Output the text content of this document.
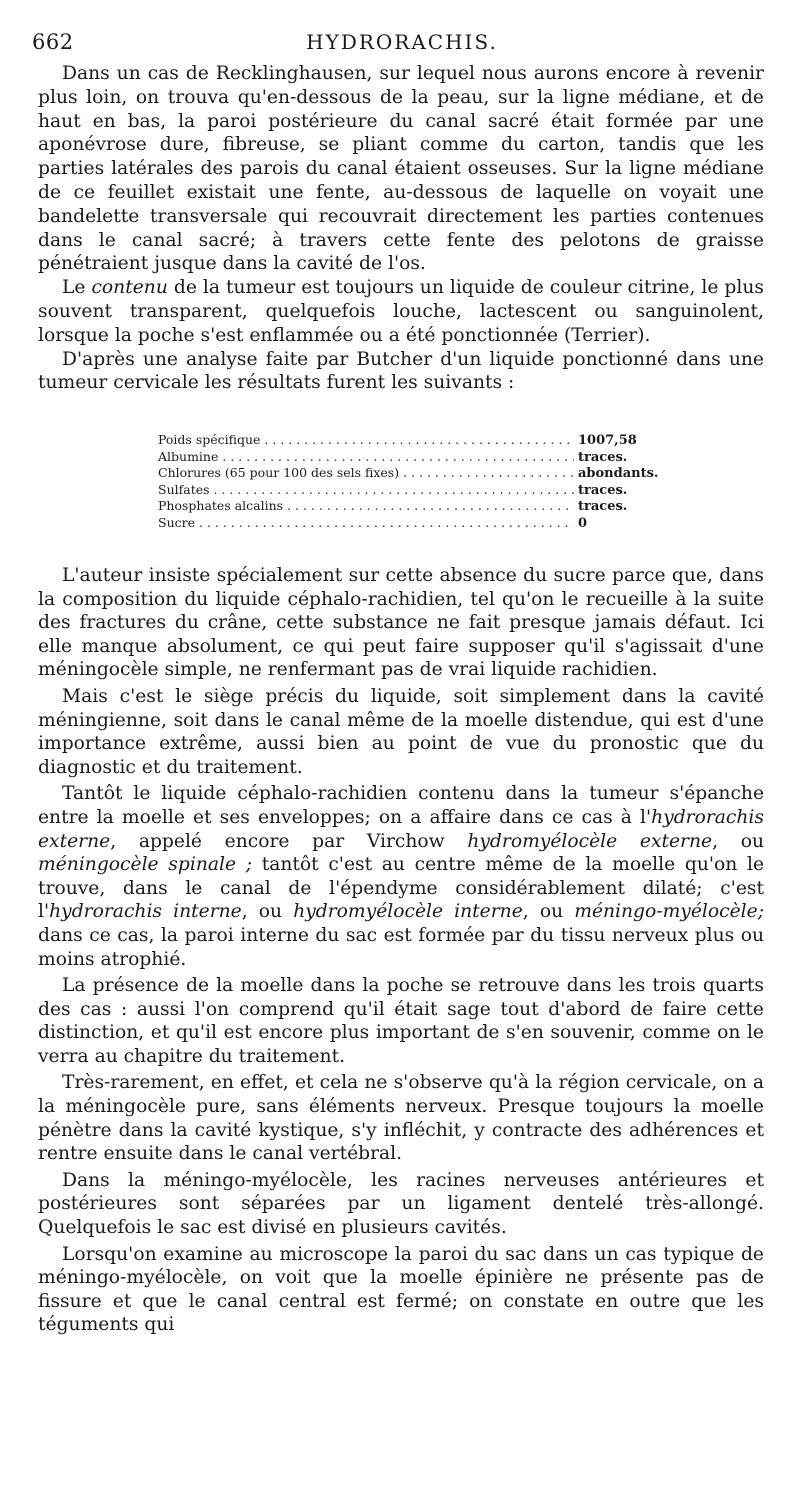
662	HYDRORACHIS.

Dans un cas de Recklinghausen, sur lequel nous aurons encore à revenir plus loin, on trouva qu'en-dessous de la peau, sur la ligne médiane, et de haut en bas, la paroi postérieure du canal sacré était formée par une aponévrose dure, fibreuse, se pliant comme du carton, tandis que les parties latérales des parois du canal étaient osseuses. Sur la ligne médiane de ce feuillet existait une fente, au-dessous de laquelle on voyait une bandelette transversale qui recouvrait directement les parties contenues dans le canal sacré; à travers cette fente des pelotons de graisse pénétraient jusque dans la cavité de l'os.

Le contenu de la tumeur est toujours un liquide de couleur citrine, le plus souvent transparent, quelquefois louche, lactescent ou sanguinolent, lorsque la poche s'est enflammée ou a été ponctionnée (Terrier).

D'après une analyse faite par Butcher d'un liquide ponctionné dans une tumeur cervicale les résultats furent les suivants :

Poids spécifique . . .	1007,58
Albumine . . .	traces.
Chlorures (65 pour 100 des sels fixes) . . .	abondants.
Sulfates . . .	traces.
Phosphates alcalins . . .	traces.
Sucre . . .	0

L'auteur insiste spécialement sur cette absence du sucre parce que, dans la composition du liquide céphalo-rachidien, tel qu'on le recueille à la suite des fractures du crâne, cette substance ne fait presque jamais défaut. Ici elle manque absolument, ce qui peut faire supposer qu'il s'agissait d'une méningocèle simple, ne renfermant pas de vrai liquide rachidien.

Mais c'est le siège précis du liquide, soit simplement dans la cavité méningienne, soit dans le canal même de la moelle distendue, qui est d'une importance extrême, aussi bien au point de vue du pronostic que du diagnostic et du traitement.

Tantôt le liquide céphalo-rachidien contenu dans la tumeur s'épanche entre la moelle et ses enveloppes; on a affaire dans ce cas à l'hydrorachis externe, appelé encore par Virchow hydromyélocèle externe, ou méningocèle spinale ; tantôt c'est au centre même de la moelle qu'on le trouve, dans le canal de l'épendyme considérablement dilaté; c'est l'hydrorachis interne, ou hydromyélocèle interne, ou méningo-myélocèle; dans ce cas, la paroi interne du sac est formée par du tissu nerveux plus ou moins atrophié.

La présence de la moelle dans la poche se retrouve dans les trois quarts des cas : aussi l'on comprend qu'il était sage tout d'abord de faire cette distinction, et qu'il est encore plus important de s'en souvenir, comme on le verra au chapitre du traitement.

Très-rarement, en effet, et cela ne s'observe qu'à la région cervicale, on a la méningocèle pure, sans éléments nerveux. Presque toujours la moelle pénètre dans la cavité kystique, s'y infléchit, y contracte des adhérences et rentre ensuite dans le canal vertébral.

Dans la méningo-myélocèle, les racines nerveuses antérieures et postérieures sont séparées par un ligament dentelé très-allongé. Quelquefois le sac est divisé en plusieurs cavités.

Lorsqu'on examine au microscope la paroi du sac dans un cas typique de méningo-myélocèle, on voit que la moelle épinière ne présente pas de fissure et que le canal central est fermé; on constate en outre que les téguments qui
